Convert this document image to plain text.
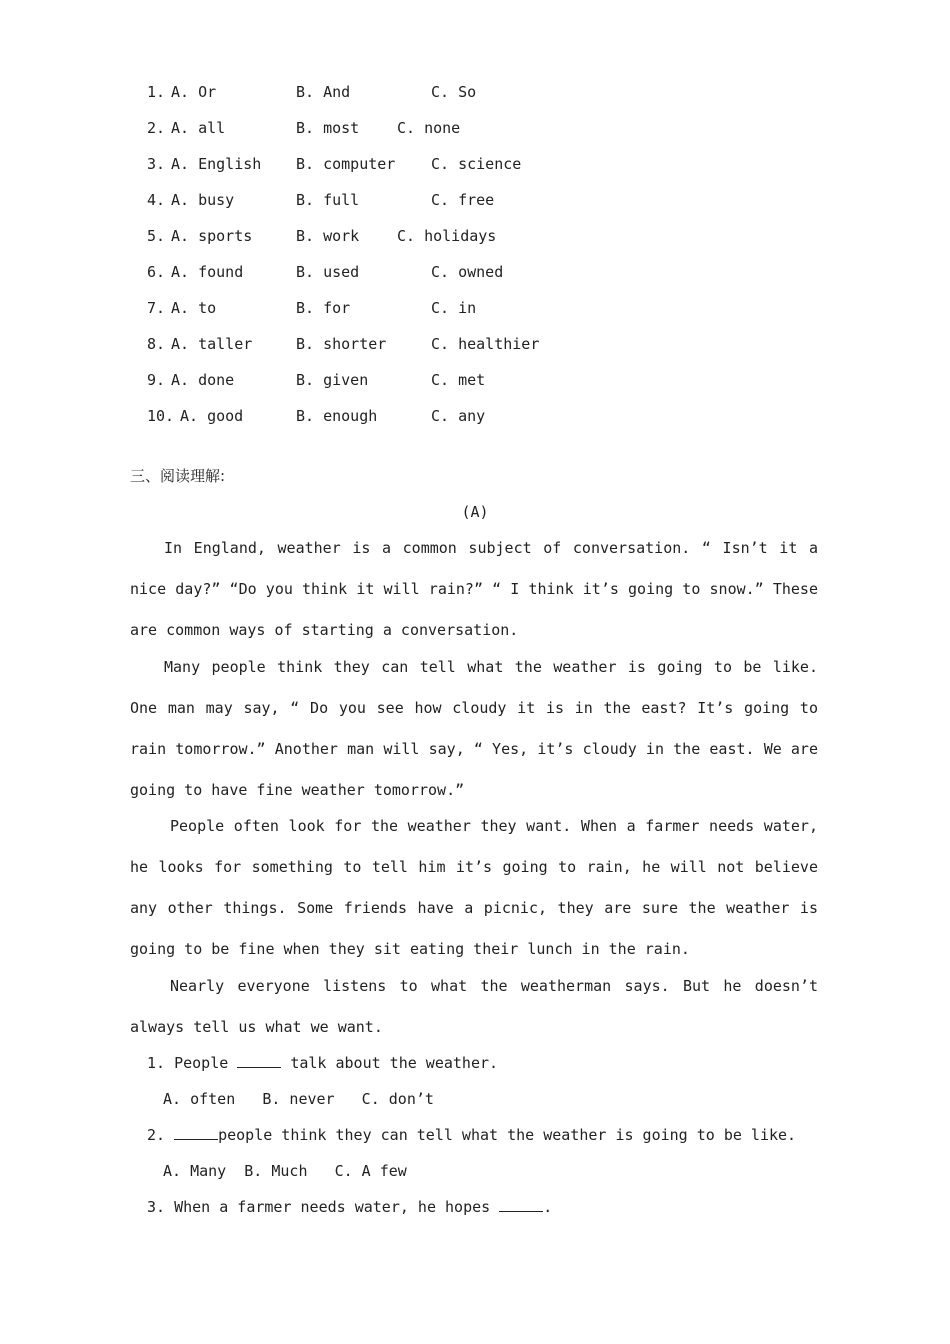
1. A. Or	B. And	C. So
2. A. all	B. most	C. none
3. A. English B. computer C. science
4. A. busy	B. full	C. free
5. A. sports	B. work	C. holidays
6. A. found	B. used	C. owned
7. A. to	B. for	C. in
8. A. taller	B. shorter	C. healthier
9. A. done	B. given	C. met
10. A. good	B. enough	C. any
三、阅读理解:
(A)
In England, weather is a common subject of conversation. “ Isn’t it a nice day?” “Do you think it will rain?” “ I think it’s going to snow.” These are common ways of starting a conversation.
Many people think they can tell what the weather is going to be like. One man may say, “ Do you see how cloudy it is in the east? It’s going to rain tomorrow.” Another man will say, “ Yes, it’s cloudy in the east. We are going to have fine weather tomorrow.”
People often look for the weather they want. When a farmer needs water, he looks for something to tell him it’s going to rain, he will not believe any other things. Some friends have a picnic, they are sure the weather is going to be fine when they sit eating their lunch in the rain.
Nearly everyone listens to what the weatherman says. But he doesn’t always tell us what we want.
1. People	talk about the weather.
A. often   B. never   C. don’t
2.	people think they can tell what the weather is going to be like.
A. Many  B. Much   C. A few
3. When a farmer needs water, he hopes	.
